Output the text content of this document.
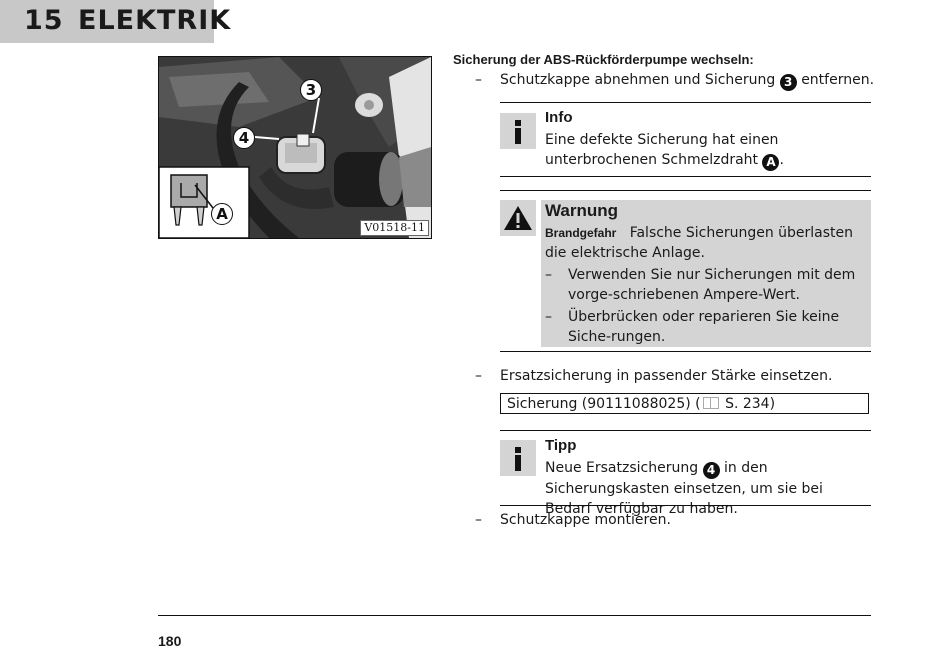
15 ELEKTRIK
3
4
A
V01518-11

Sicherung der ABS-Rückförderpumpe wechseln:

– Schutzkappe abnehmen und Sicherung 3 entfernen.
Info
Eine defekte Sicherung hat einen unterbrochenen Schmelzdraht A .
Warnung
Brandgefahr Falsche Sicherungen überlasten die elektrische Anlage.
– Verwenden Sie nur Sicherungen mit dem vorge-schriebenen Ampere-Wert.
– Überbrücken oder reparieren Sie keine Siche-rungen.
– Ersatzsicherung in passender Stärke einsetzen.
Sicherung (90111088025) ( S. 234)
Tipp
Neue Ersatzsicherung 4 in den Sicherungskasten einsetzen, um sie bei Bedarf verfügbar zu haben.
– Schutzkappe montieren.
180
